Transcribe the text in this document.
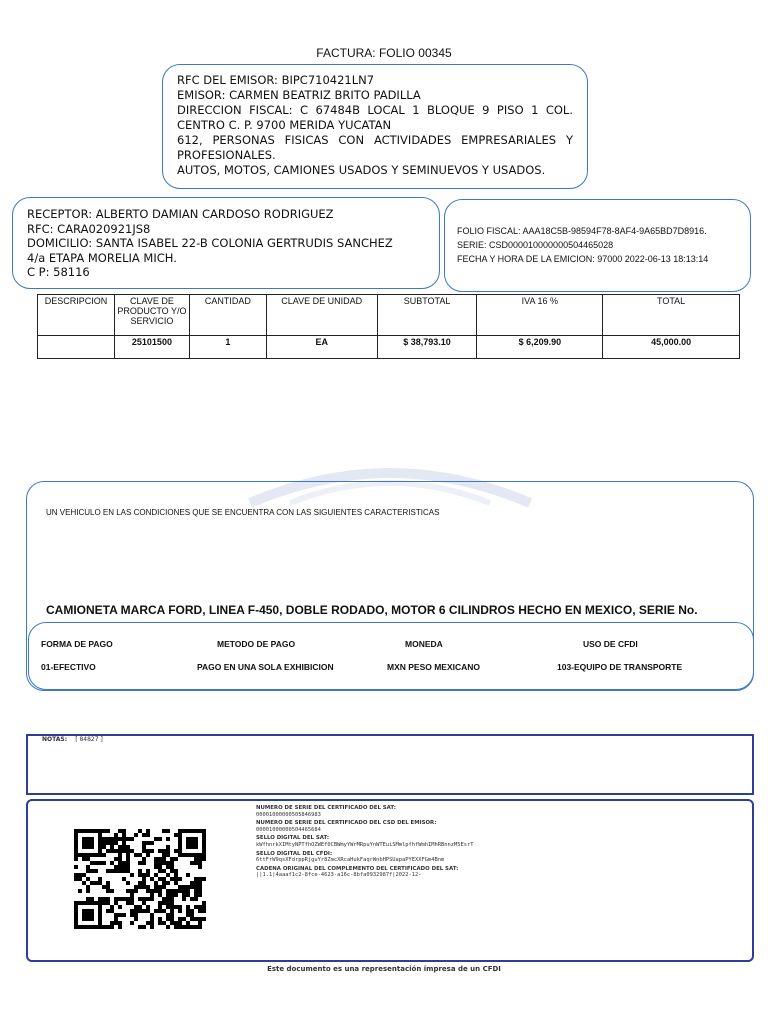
FACTURA: FOLIO 00345
RFC DEL EMISOR: BIPC710421LN7
EMISOR: CARMEN BEATRIZ BRITO PADILLA
DIRECCION FISCAL: C 67484B LOCAL 1 BLOQUE 9 PISO 1 COL.
CENTRO C. P. 9700 MERIDA YUCATAN
612, PERSONAS FISICAS CON ACTIVIDADES EMPRESARIALES Y
PROFESIONALES.
AUTOS, MOTOS, CAMIONES USADOS Y SEMINUEVOS Y USADOS.
RECEPTOR: ALBERTO DAMIAN CARDOSO RODRIGUEZ
RFC: CARA020921JS8
DOMICILIO: SANTA ISABEL 22-B COLONIA GERTRUDIS SANCHEZ
4/a ETAPA MORELIA MICH.
C P: 58116
FOLIO FISCAL: AAA18C5B-98594F78-8AF4-9A65BD7D8916.
SERIE: CSD000010000000504465028
FECHA Y HORA DE LA EMICION: 97000 2022-06-13 18:13:14
DESCRIPCION	CLAVE DE PRODUCTO Y/O SERVICIO	CANTIDAD	CLAVE DE UNIDAD	SUBTOTAL	IVA 16 %	TOTAL
	25101500	1	EA	$ 38,793.10	$ 6,209.90	45,000.00
UN VEHICULO EN LAS CONDICIONES QUE SE ENCUENTRA CON LAS SIGUIENTES CARACTERISTICAS
CAMIONETA MARCA FORD, LINEA F-450, DOBLE RODADO, MOTOR 6 CILINDROS HECHO EN MEXICO, SERIE No.
FORMA DE PAGO	METODO DE PAGO	MONEDA	USO DE CFDI
01-EFECTIVO	PAGO EN UNA SOLA EXHIBICION	MXN PESO MEXICANO	103-EQUIPO DE TRANSPORTE
NOTAS: [ 84827 ]
NUMERO DE SERIE DEL CERTIFICADO DEL SAT:
00001000000505846983
NUMERO DE SERIE DEL CERTIFICADO DEL CSD DEL EMISOR:
00001000000504465684
SELLO DIGITAL DEL SAT:
kWfhnrkXIMtyNPTfhOZWEf0CBWmyYWrMRpuYnWTEuiSMmlpfhfWmhIMhRBnnzM5EsrT
SELLO DIGITAL DEL CFDI:
6ttFrW9qsXFdrppRjguYr8ZmcXRcaHukFaqrWnbHPSUapaPYEXXFGm4Bnm
CADENA ORIGINAL DEL COMPLEMENTO DEL CERTIFICADO DEL SAT:
||1.1|4aaaf1c2-8fce-4623-a16c-8bfa0932987f|2022-12-
Este documento es una representación impresa de un CFDI
